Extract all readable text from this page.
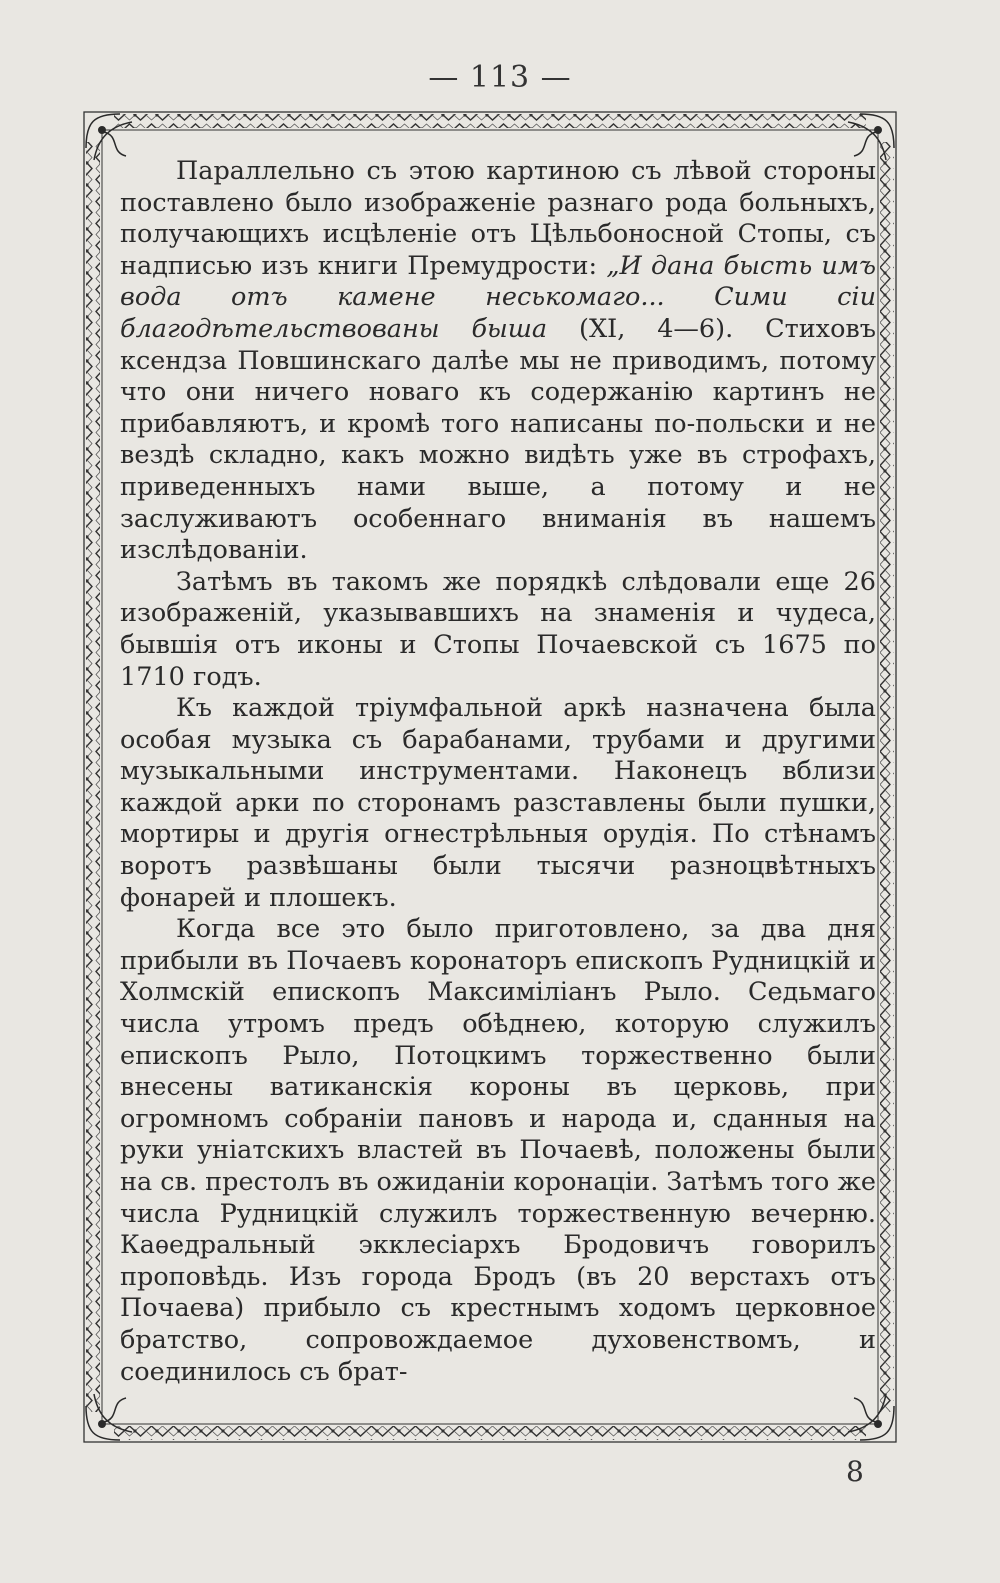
— 113 —

Параллельно съ этою картиною съ лѣвой стороны поставлено было изображеніе разнаго рода больныхъ, получающихъ исцѣленіе отъ Цѣльбоносной Стопы, съ надписью изъ книги Премудрости: „И дана бысть имъ вода отъ камене неськомаго... Сими сіи благодѣтельствованы быша (XI, 4—6). Стиховъ ксендза Повшинскаго далѣе мы не приводимъ, потому что они ничего новаго къ содержанію картинъ не прибавляютъ, и кромѣ того написаны по-польски и не вездѣ складно, какъ можно видѣть уже въ строфахъ, приведенныхъ нами выше, а потому и не заслуживаютъ особеннаго вниманія въ нашемъ изслѣдованіи.

Затѣмъ въ такомъ же порядкѣ слѣдовали еще 26 изображеній, указывавшихъ на знаменія и чудеса, бывшія отъ иконы и Стопы Почаевской съ 1675 по 1710 годъ.

Къ каждой тріумфальной аркѣ назначена была особая музыка съ барабанами, трубами и другими музыкальными инструментами. Наконецъ вблизи каждой арки по сторонамъ разставлены были пушки, мортиры и другія огнестрѣльныя орудія. По стѣнамъ воротъ развѣшаны были тысячи разноцвѣтныхъ фонарей и плошекъ.

Когда все это было приготовлено, за два дня прибыли въ Почаевъ коронаторъ епископъ Рудницкій и Холмскій епископъ Максиміліанъ Рыло. Седьмаго числа утромъ предъ обѣднею, которую служилъ епископъ Рыло, Потоцкимъ торжественно были внесены ватиканскія короны въ церковь, при огромномъ собраніи пановъ и народа и, сданныя на руки уніатскихъ властей въ Почаевѣ, положены были на св. престолъ въ ожиданіи коронаціи. Затѣмъ того же числа Рудницкій служилъ торжественную вечерню. Каѳедральный экклесіархъ Бродовичъ говорилъ проповѣдь. Изъ города Бродъ (въ 20 верстахъ отъ Почаева) прибыло съ крестнымъ ходомъ церковное братство, сопровождаемое духовенствомъ, и соединилось съ брат-

8
